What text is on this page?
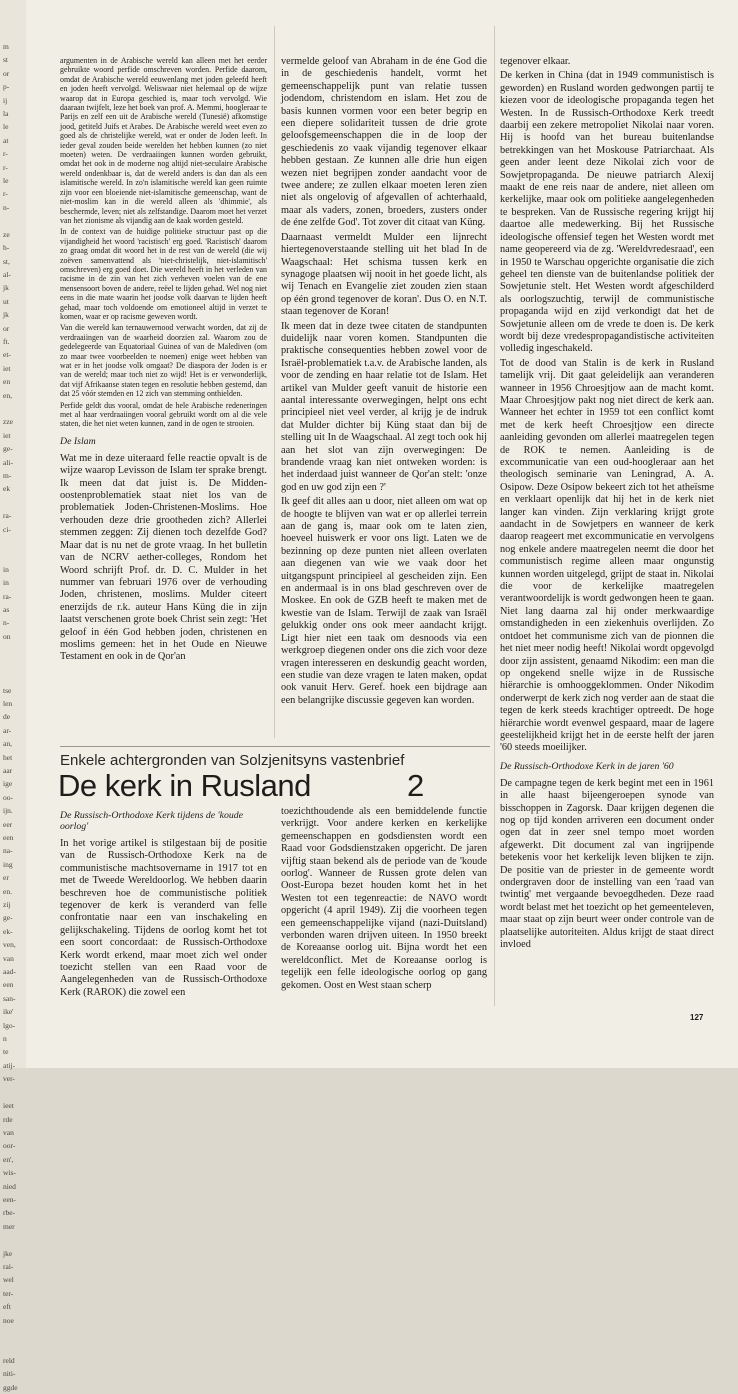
m
st
or
p-
ij
la
le
at
r-
r-
le
r-
n-

ze
h-
st,
al-
jk
ut
jk
or
ft.
et-
iet
en
en,

zze
iet
ge-
ali-
m-
ek

ra-
ci-

in
in
ra-
as
n-
on

tse
len
de
ar-
an,
het
aar
ige
oo-
ijn.
eer
een
na-
ing
er
en.
zij
ge-
ek-
ven,
van
aad-
een
san-
ike'
lgo-
n
te
atij-
ver-

ieet
rde
van
oor-
en',
wis-
nied
een-
rbe-
mer

jke
rai-
wel
ter-
eft
noe

reld
niti-
ggde

argumenten in de Arabische wereld kan alleen met het eerder gebruikte woord perfide omschreven worden. Perfide daarom, omdat de Arabische wereld eeuwenlang met joden geleefd heeft en joden heeft vervolgd. Weliswaar niet helemaal op de wijze waarop dat in Europa geschied is, maar toch vervolgd. Wie daaraan twijfelt, leze het boek van prof. A. Memmi, hoogleraar te Parijs en zelf een uit de Arabische wereld (Tunesië) afkomstige jood, getiteld Juifs et Arabes. De Arabische wereld weet even zo goed als de christelijke wereld, wat er onder de Joden leeft. In ieder geval zouden beide werelden het hebben kunnen (zo niet moeten) weten. De verdraaiingen kunnen worden gebruikt, omdat het ook in de moderne nog altijd niet-seculaire Arabische wereld ondenkbaar is, dat de wereld anders is dan dan als een islamitische wereld. In zo'n islamitische wereld kan geen ruimte zijn voor een bloeiende niet-islamitische gemeenschap, want de niet-moslim kan in die wereld alleen als 'dhimmie', als beschermde, leven; niet als zelfstandige. Daarom moet het verzet van het zionisme als vijandig aan de kaak worden gesteld.

In de context van de huidige politieke structuur past op die vijandigheid het woord 'racistisch' erg goed. 'Racistisch' daarom zo graag omdat dit woord het in de rest van de wereld (die wij zoëven samenvattend als 'niet-christelijk, niet-islamitisch' omschreven) erg goed doet. Die wereld heeft in het verleden van racisme in de zin van het zich verheven voelen van de ene mensensoort boven de andere, reëel te lijden gehad. Wel nog niet eens in die mate waarin het joodse volk daarvan te lijden heeft gehad, maar toch voldoende om emotioneel altijd in verzet te komen, waar er op racisme geweven wordt.

Van die wereld kan ternauwernood verwacht worden, dat zij de verdraaiingen van de waarheid doorzien zal. Waarom zou de gedelegeerde van Equatoriaal Guinea of van de Malediven (om zo maar twee voorbeelden te noemen) enige weet hebben van wat er in het joodse volk omgaat? De diaspora der Joden is er van de wereld; maar toch niet zo wijd! Het is er verwonderlijk, dat vijf Afrikaanse staten tegen en resolutie hebben gestemd, dan dat 25 vóór stemden en 12 zich van stemming onthielden.

Perfide geldt dus vooral, omdat de hele Arabische redeneringen met al haar verdraaiingen vooral gebruikt wordt om al die vele staten, die het niet weten kunnen, zand in de ogen te strooien.

De Islam

Wat me in deze uiteraard felle reactie opvalt is de wijze waarop Levisson de Islam ter sprake brengt. Ik meen dat dat juist is. De Midden-oostenproblematiek staat niet los van de problematiek Joden-Christenen-Moslims. Hoe verhouden deze drie grootheden zich? Allerlei stemmen zeggen: Zij dienen toch dezelfde God? Maar dat is nu net de grote vraag. In het bulletin van de NCRV aether-colleges, Rondom het Woord schrijft Prof. dr. D. C. Mulder in het nummer van februari 1976 over de verhouding Joden, christenen, moslims. Mulder citeert enerzijds de r.k. auteur Hans Küng die in zijn laatst verschenen grote boek Christ sein zegt: 'Het geloof in één God hebben joden, christenen en moslims gemeen: het in het Oude en Nieuwe Testament en ook in de Qor'an

vermelde geloof van Abraham in de éne God die in de geschiedenis handelt, vormt het gemeenschappelijk punt van relatie tussen jodendom, christendom en islam. Het zou de basis kunnen vormen voor een beter begrip en een diepere solidariteit tussen de drie grote geloofsgemeenschappen die in de loop der geschiedenis zo vaak vijandig tegenover elkaar hebben gestaan. Ze kunnen alle drie hun eigen wezen niet begrijpen zonder aandacht voor de twee andere; ze zullen elkaar moeten leren zien niet als ongelovig of afgevallen of achterhaald, maar als vaders, zonen, broeders, zusters onder de éne zelfde God'. Tot zover dit citaat van Küng.

Daarnaast vermeldt Mulder een lijnrecht hiertegenoverstaande stelling uit het blad In de Waagschaal: Het schisma tussen kerk en synagoge plaatsen wij nooit in het goede licht, als wij Tenach en Evangelie ziet zouden zien staan op één grond tegenover de koran'. Dus O. en N.T. staan tegenover de Koran!

Ik meen dat in deze twee citaten de standpunten duidelijk naar voren komen. Standpunten die praktische consequenties hebben zowel voor de Israël-problematiek t.a.v. de Arabische landen, als voor de zending en haar relatie tot de Islam. Het artikel van Mulder geeft vanuit de historie een aantal interessante overwegingen, helpt ons echt principieel niet veel verder, al krijg je de indruk dat Mulder dichter bij Küng staat dan bij de stelling uit In de Waagschaal. Al zegt toch ook hij aan het slot van zijn overwegingen: De brandende vraag kan niet ontweken worden: is het inderdaad juist wanneer de Qor'an stelt: 'onze god en uw god zijn een ?'

Ik geef dit alles aan u door, niet alleen om wat op de hoogte te blijven van wat er op allerlei terrein aan de gang is, maar ook om te laten zien, hoeveel huiswerk er voor ons ligt. Laten we de bezinning op deze punten niet alleen overlaten aan diegenen van wie we vaak door het uitgangspunt principieel al gescheiden zijn. Een en andermaal is in ons blad geschreven over de Moskee. En ook de GZB heeft te maken met de kwestie van de Islam. Terwijl de zaak van Israël gelukkig onder ons ook meer aandacht krijgt. Ligt hier niet een taak om desnoods via een werkgroep diegenen onder ons die zich voor deze vragen interesseren en deskundig geacht worden, een studie van deze vragen te laten maken, opdat ook vanuit Herv. Geref. hoek een bijdrage aan een belangrijke discussie gegeven kan worden.

tegenover elkaar.

De kerken in China (dat in 1949 communistisch is geworden) en Rusland worden gedwongen partij te kiezen voor de ideologische propaganda tegen het Westen. In de Russisch-Orthodoxe Kerk treedt daarbij een zekere metropoliet Nikolai naar voren. Hij is hoofd van het bureau buitenlandse betrekkingen van het Moskouse Patriarchaat. Als geen ander leent deze Nikolai zich voor de Sowjetpropaganda. De nieuwe patriarch Alexij maakt de ene reis naar de andere, niet alleen om kerkelijke, maar ook om politieke aangelegenheden te bespreken. Van de Russische regering krijgt hij daartoe alle medewerking. Bij het Russische ideologische offensief tegen het Westen wordt met name geopereerd via de zg. 'Wereldvredesraad', een in 1950 te Warschau opgerichte organisatie die zich geheel ten dienste van de buitenlandse politiek der Sowjetunie stelt. Het Westen wordt afgeschilderd als oorlogszuchtig, terwijl de communistische propaganda wijd en zijd verkondigt dat het de Sowjetunie alleen om de vrede te doen is. De kerk wordt bij deze vredespropagandistische activiteiten volledig ingeschakeld.

Tot de dood van Stalin is de kerk in Rusland tamelijk vrij. Dit gaat geleidelijk aan veranderen wanneer in 1956 Chroesjtjow aan de macht komt. Maar Chroesjtjow pakt nog niet direct de kerk aan. Wanneer het echter in 1959 tot een conflict komt met de kerk heeft Chroesjtjow een directe aanleiding gevonden om allerlei maatregelen tegen de ROK te nemen. Aanleiding is de excommunicatie van een oud-hoogleraar aan het theologisch seminarie van Leningrad, A. A. Osipow. Deze Osipow bekeert zich tot het atheïsme en verklaart openlijk dat hij het in de kerk niet langer kan vinden. Zijn verklaring krijgt grote aandacht in de Sowjetpers en wanneer de kerk daarop reageert met excommunicatie en vervolgens nog enkele andere maatregelen neemt die door het communistisch regime alleen maar ongunstig kunnen worden uitgelegd, grijpt de staat in. Nikolai die voor de kerkelijke maatregelen verantwoordelijk is wordt gedwongen heen te gaan. Niet lang daarna zal hij onder merkwaardige omstandigheden in een ziekenhuis overlijden. Zo ontdoet het communisme zich van de pionnen die het niet meer nodig heeft! Nikolai wordt opgevolgd door zijn assistent, genaamd Nikodim: een man die op ongekend snelle wijze in de Russische hiërarchie is omhooggeklommen. Onder Nikodim onderwerpt de kerk zich nog verder aan de staat die tegen de kerk steeds krachtiger optreedt. De hoge hiërarchie wordt evenwel gespaard, maar de lagere geestelijkheid krijgt het in de eerste helft der jaren '60 steeds moeilijker.

De Russisch-Orthodoxe Kerk in de jaren '60

De campagne tegen de kerk begint met een in 1961 in alle haast bijeengeroepen synode van bisschoppen in Zagorsk. Daar krijgen degenen die nog op tijd konden arriveren een document onder ogen dat in zeer snel tempo moet worden afgewerkt. Dit document zal van ingrijpende betekenis voor het kerkelijk leven blijken te zijn. De positie van de priester in de gemeente wordt ondergraven door de instelling van een 'raad van twintig' met vergaande bevoegdheden. Deze raad wordt belast met het toezicht op het gemeenteleven, maar staat op zijn beurt weer onder controle van de plaatselijke autoriteiten. Aldus krijgt de staat direct invloed

Enkele achtergronden van Solzjenitsyns vastenbrief
De kerk in Rusland	2
De Russisch-Orthodoxe Kerk tijdens de 'koude oorlog'

In het vorige artikel is stilgestaan bij de positie van de Russisch-Orthodoxe Kerk na de communistische machtsovername in 1917 tot en met de Tweede Wereldoorlog. We hebben daarin beschreven hoe de communistische politiek tegenover de kerk is veranderd van felle confrontatie naar een van inschakeling en gelijkschakeling. Tijdens de oorlog komt het tot een soort concordaat: de Russisch-Orthodoxe Kerk wordt erkend, maar moet zich wel onder toezicht stellen van een Raad voor de Aangelegenheden van de Russisch-Orthodoxe Kerk (RAROK) die zowel een

toezichthoudende als een bemiddelende functie verkrijgt. Voor andere kerken en kerkelijke gemeenschappen en godsdiensten wordt een Raad voor Godsdienstzaken opgericht. De jaren vijftig staan bekend als de periode van de 'koude oorlog'. Wanneer de Russen grote delen van Oost-Europa bezet houden komt het in het Westen tot een tegenreactie: de NAVO wordt opgericht (4 april 1949). Zij die voorheen tegen een gemeenschappelijke vijand (nazi-Duitsland) verbonden waren drijven uiteen. In 1950 breekt de Koreaanse oorlog uit. Bijna wordt het een wereldconflict. Met de Koreaanse oorlog is tegelijk een felle ideologische oorlog op gang gekomen. Oost en West staan scherp

127
